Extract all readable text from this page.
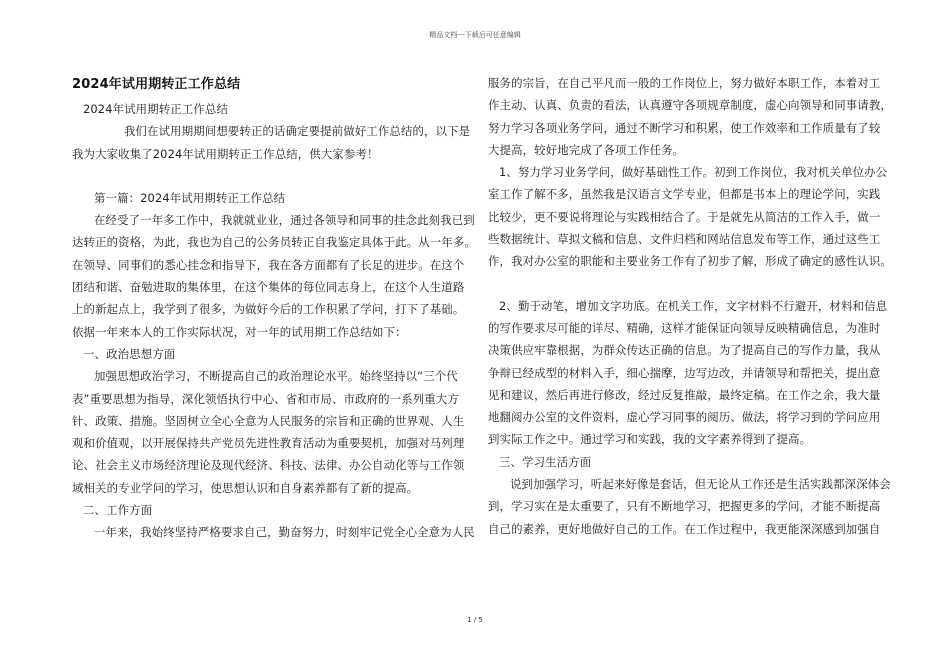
精品文档---下载后可任意编辑

2024年试用期转正工作总结

2024年试用期转正工作总结

我们在试用期期间想要转正的话确定要提前做好工作总结的，以下是

我为大家收集了2024年试用期转正工作总结，供大家参考！

第一篇：2024年试用期转正工作总结

在经受了一年多工作中，我就就业业，通过各领导和同事的挂念此刻我已到

达转正的资格，为此，我也为自己的公务员转正自我鉴定具体于此。从一年多。

在领导、同事们的悉心挂念和指导下，我在各方面都有了长足的进步。在这个

团结和谐、奋勉进取的集体里，在这个集体的每位同志身上，在这个人生道路

上的新起点上，我学到了很多，为做好今后的工作积累了学问，打下了基础。

依据一年来本人的工作实际状况，对一年的试用期工作总结如下：

一、政治思想方面

加强思想政治学习，不断提高自己的政治理论水平。始终坚持以“三个代

表”重要思想为指导，深化领悟执行中心、省和市局、市政府的一系列重大方

针、政策、措施。坚固树立全心全意为人民服务的宗旨和正确的世界观、人生

观和价值观，以开展保持共产党员先进性教育活动为重要契机，加强对马列理

论、社会主义市场经济理论及现代经济、科技、法律、办公自动化等与工作领

域相关的专业学问的学习，使思想认识和自身素养都有了新的提高。

二、工作方面

一年来，我始终坚持严格要求自己，勤奋努力，时刻牢记党全心全意为人民

服务的宗旨，在自己平凡而一般的工作岗位上，努力做好本职工作，本着对工

作主动、认真、负责的看法，认真遵守各项规章制度，虚心向领导和同事请教，

努力学习各项业务学问，通过不断学习和积累，使工作效率和工作质量有了较

大提高，较好地完成了各项工作任务。

1、努力学习业务学问，做好基础性工作。初到工作岗位，我对机关单位办公

室工作了解不多，虽然我是汉语言文学专业，但都是书本上的理论学问，实践

比较少，更不要说将理论与实践相结合了。于是就先从简洁的工作入手，做一

些数据统计、草拟文稿和信息、文件归档和网站信息发布等工作，通过这些工

作，我对办公室的职能和主要业务工作有了初步了解，形成了确定的感性认识。

2、勤于动笔，增加文字功底。在机关工作，文字材料不行避开，材料和信息

的写作要求尽可能的详尽、精确，这样才能保证向领导反映精确信息，为准时

决策供应牢靠根据，为群众传达正确的信息。为了提高自己的写作力量，我从

争辩已经成型的材料入手，细心揣摩，边写边改，并请领导和帮把关，提出意

见和建议，然后再进行修改，经过反复推敲，最终定稿。在工作之余，我大量

地翻阅办公室的文件资料，虚心学习同事的阅历、做法，将学习到的学问应用

到实际工作之中。通过学习和实践，我的文字素养得到了提高。

三、学习生活方面

说到加强学习，听起来好像是套话，但无论从工作还是生活实践都深深体会

到，学习实在是太重要了，只有不断地学习，把握更多的学问，才能不断提高

自己的素养，更好地做好自己的工作。在工作过程中，我更能深深感到加强自

1 / 5
